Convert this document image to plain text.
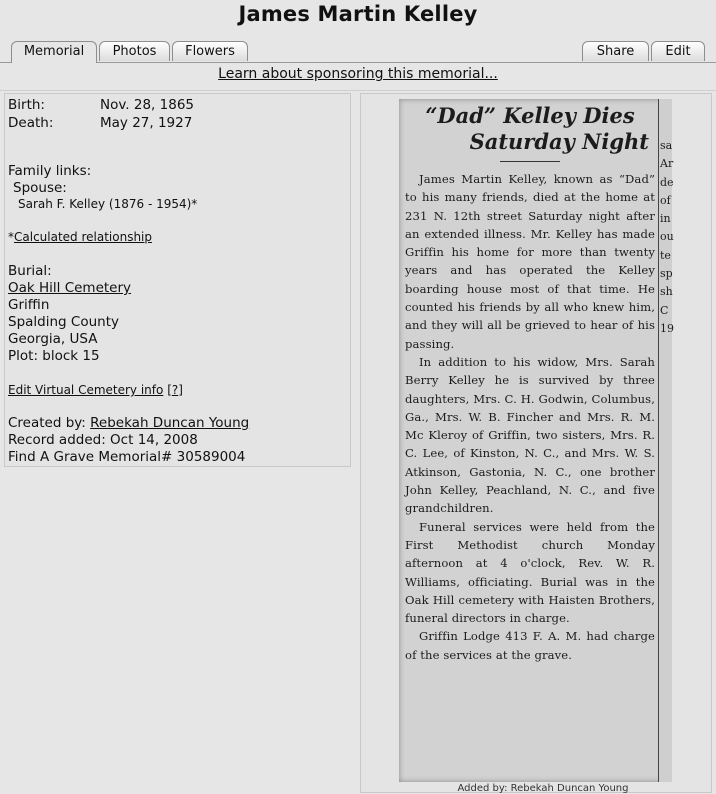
James Martin Kelley
Memorial	Photos	Flowers	Share	Edit
Learn about sponsoring this memorial...
Birth:	Nov. 28, 1865
Death:	May 27, 1927
Family links:
Spouse:
Sarah F. Kelley (1876 - 1954)*
*Calculated relationship
Burial:
Oak Hill Cemetery
Griffin
Spalding County
Georgia, USA
Plot: block 15
Edit Virtual Cemetery info [?]
Created by: Rebekah Duncan Young
Record added: Oct 14, 2008
Find A Grave Memorial# 30589004

“Dad” Kelley Dies

Saturday Night

James Martin Kelley, known as “Dad” to his many friends, died at the home at 231 N. 12th street Saturday night after an extended illness. Mr. Kelley has made Griffin his home for more than twenty years and has operated the Kelley boarding house most of that time. He counted his friends by all who knew him, and they will all be grieved to hear of his passing.

In addition to his widow, Mrs. Sarah Berry Kelley he is survived by three daughters, Mrs. C. H. Godwin, Columbus, Ga., Mrs. W. B. Fincher and Mrs. R. M. Mc Kleroy of Griffin, two sisters, Mrs. R. C. Lee, of Kinston, N. C., and Mrs. W. S. Atkinson, Gastonia, N. C., one brother John Kelley, Peachland, N. C., and five grandchildren.

Funeral services were held from the First Methodist church Monday afternoon at 4 o'clock, Rev. W. R. Williams, officiating. Burial was in the Oak Hill cemetery with Haisten Brothers, funeral directors in charge.

Griffin Lodge 413 F. A. M. had charge of the services at the grave.

sa Ar de of in ou te sp sh C 19
Added by: Rebekah Duncan Young
